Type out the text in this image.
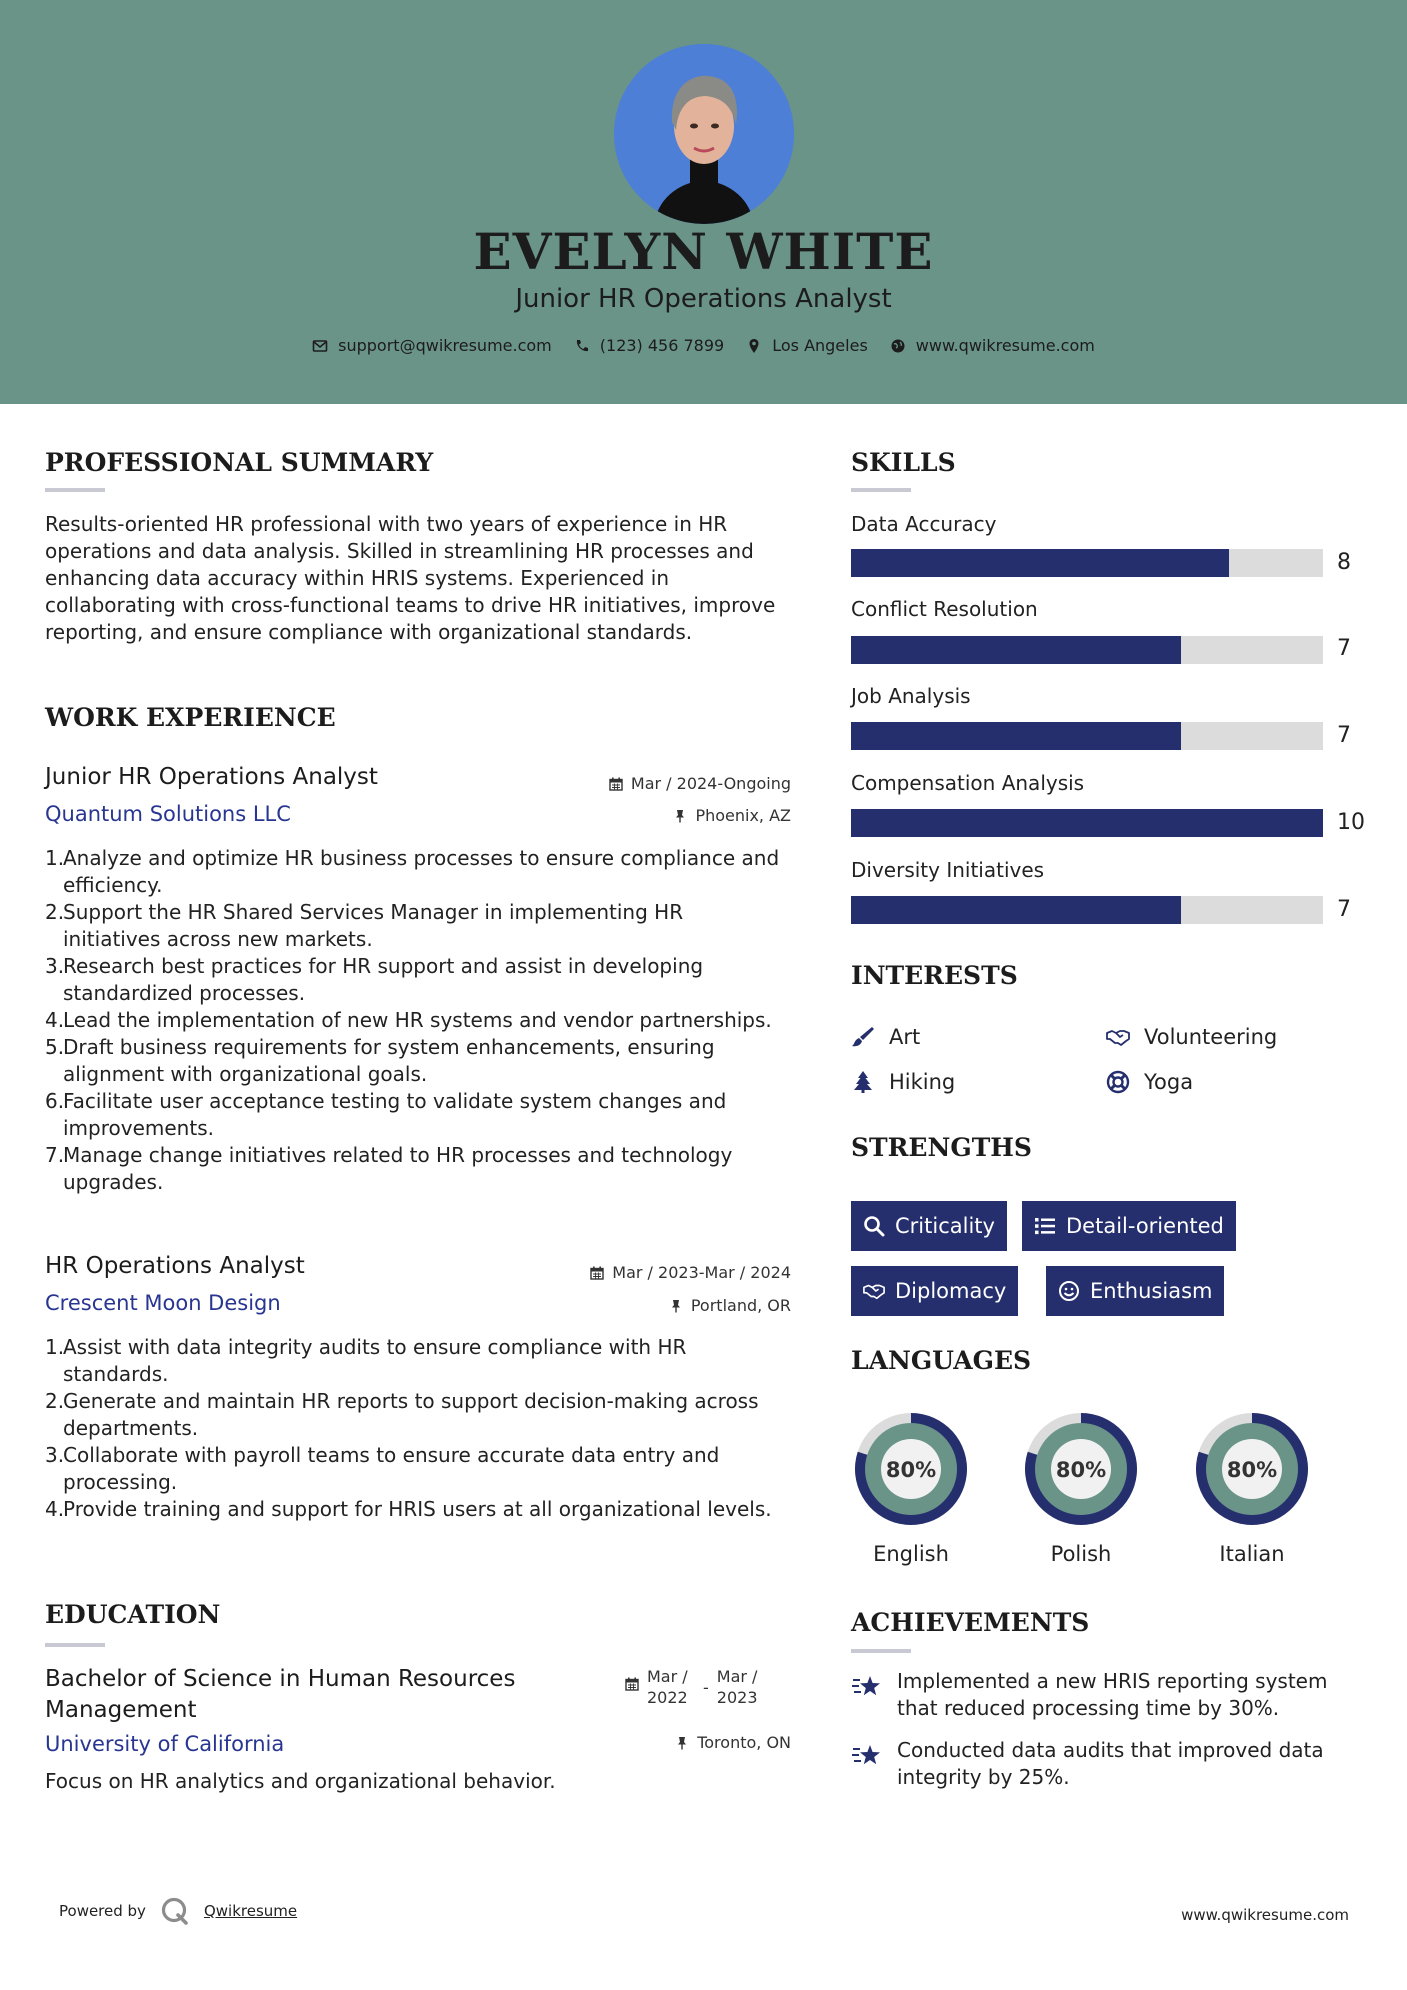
EVELYN WHITE
Junior HR Operations Analyst
support@qwikresume.com	(123) 456 7899	Los Angeles	www.qwikresume.com
PROFESSIONAL SUMMARY
Results-oriented HR professional with two years of experience in HR operations and data analysis. Skilled in streamlining HR processes and enhancing data accuracy within HRIS systems. Experienced in collaborating with cross-functional teams to drive HR initiatives, improve reporting, and ensure compliance with organizational standards.
WORK EXPERIENCE
Junior HR Operations Analyst	Mar / 2024-Ongoing
Quantum Solutions LLC	Phoenix, AZ
1.
Analyze and optimize HR business processes to ensure compliance and efficiency.
2.
Support the HR Shared Services Manager in implementing HR initiatives across new markets.
3.
Research best practices for HR support and assist in developing standardized processes.
4.
Lead the implementation of new HR systems and vendor partnerships.
5.
Draft business requirements for system enhancements, ensuring alignment with organizational goals.
6.
Facilitate user acceptance testing to validate system changes and improvements.
7.
Manage change initiatives related to HR processes and technology upgrades.
HR Operations Analyst	Mar / 2023-Mar / 2024
Crescent Moon Design	Portland, OR
1.
Assist with data integrity audits to ensure compliance with HR standards.
2.
Generate and maintain HR reports to support decision-making across departments.
3.
Collaborate with payroll teams to ensure accurate data entry and processing.
4.
Provide training and support for HRIS users at all organizational levels.
EDUCATION
Bachelor of Science in Human Resources Management
University of California
Mar / 2022
-
Mar / 2023
Toronto, ON
Focus on HR analytics and organizational behavior.
SKILLS
Data Accuracy
8
Conflict Resolution
7
Job Analysis
7
Compensation Analysis
10
Diversity Initiatives
7
INTERESTS
Art	Volunteering
Hiking	Yoga
STRENGTHS
Criticality	Detail-oriented
Diplomacy	Enthusiasm
LANGUAGES
80%
English
80%
Polish
80%
Italian
ACHIEVEMENTS
Implemented a new HRIS reporting system that reduced processing time by 30%.
Conducted data audits that improved data integrity by 25%.
Powered by	Qwikresume	www.qwikresume.com
